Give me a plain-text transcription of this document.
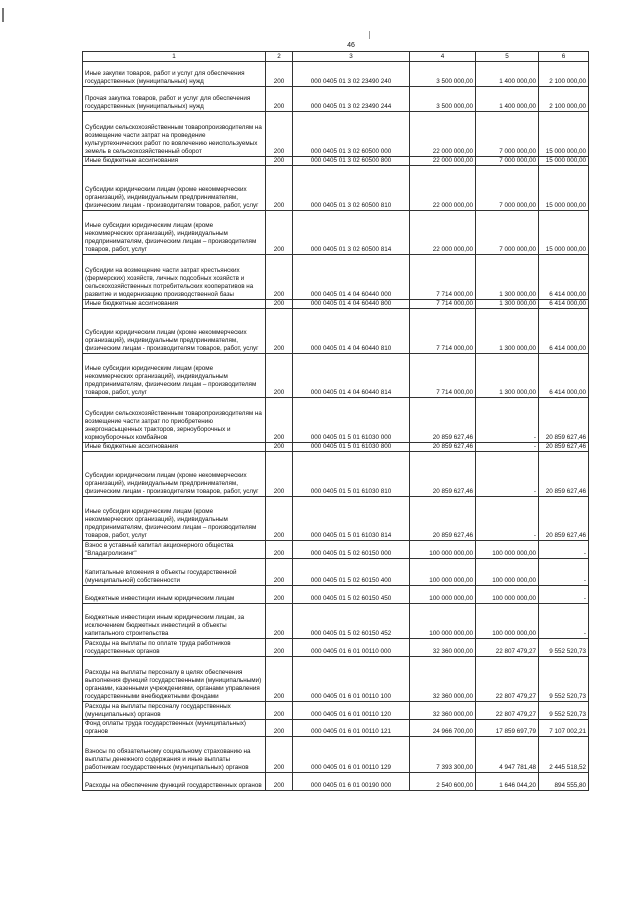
46
1	2	3	4	5	6
Иные закупки товаров, работ и услуг для обеспечения государственных (муниципальных) нужд	200	000 0405 01 3 02 23490 240	3 500 000,00	1 400 000,00	2 100 000,00
Прочая закупка товаров, работ и услуг для обеспечения государственных (муниципальных) нужд	200	000 0405 01 3 02 23490 244	3 500 000,00	1 400 000,00	2 100 000,00
Субсидии сельскохозяйственным товаропроизводителям на возмещение части затрат на проведение культуртехнических работ по вовлечению неиспользуемых земель в сельскохозяйственный оборот	200	000 0405 01 3 02 60500 000	22 000 000,00	7 000 000,00	15 000 000,00
Иные бюджетные ассигнования	200	000 0405 01 3 02 60500 800	22 000 000,00	7 000 000,00	15 000 000,00
Субсидии юридическим лицам (кроме некоммерческих организаций), индивидуальным предпринимателям, физическим лицам - производителям товаров, работ, услуг	200	000 0405 01 3 02 60500 810	22 000 000,00	7 000 000,00	15 000 000,00
Иные субсидии юридическим лицам (кроме некоммерческих организаций), индивидуальным предпринимателям, физическим лицам – производителям товаров, работ, услуг	200	000 0405 01 3 02 60500 814	22 000 000,00	7 000 000,00	15 000 000,00
Субсидии на возмещение части затрат крестьянских (фермерских) хозяйств, личных подсобных хозяйств и сельскохозяйственных потребительских кооперативов на развитие и модернизацию производственной базы	200	000 0405 01 4 04 60440 000	7 714 000,00	1 300 000,00	6 414 000,00
Иные бюджетные ассигнования	200	000 0405 01 4 04 60440 800	7 714 000,00	1 300 000,00	6 414 000,00
Субсидии юридическим лицам (кроме некоммерческих организаций), индивидуальным предпринимателям, физическим лицам - производителям товаров, работ, услуг	200	000 0405 01 4 04 60440 810	7 714 000,00	1 300 000,00	6 414 000,00
Иные субсидии юридическим лицам (кроме некоммерческих организаций), индивидуальным предпринимателям, физическим лицам – производителям товаров, работ, услуг	200	000 0405 01 4 04 60440 814	7 714 000,00	1 300 000,00	6 414 000,00
Субсидии сельскохозяйственным товаропроизводителям на возмещение части затрат по приобретению энергонасыщенных тракторов, зерноуборочных и кормоуборочных комбайнов	200	000 0405 01 5 01 61030 000	20 859 627,46	-	20 859 627,46
Иные бюджетные ассигнования	200	000 0405 01 5 01 61030 800	20 859 627,46	-	20 859 627,46
Субсидии юридическим лицам (кроме некоммерческих организаций), индивидуальным предпринимателям, физическим лицам - производителям товаров, работ, услуг	200	000 0405 01 5 01 61030 810	20 859 627,46	-	20 859 627,46
Иные субсидии юридическим лицам (кроме некоммерческих организаций), индивидуальным предпринимателям, физическим лицам – производителям товаров, работ, услуг	200	000 0405 01 5 01 61030 814	20 859 627,46	-	20 859 627,46
Взнос в уставный капитал акционерного общества "Владагролизинг"	200	000 0405 01 5 02 60150 000	100 000 000,00	100 000 000,00	-
Капитальные вложения в объекты государственной (муниципальной) собственности	200	000 0405 01 5 02 60150 400	100 000 000,00	100 000 000,00	-
Бюджетные инвестиции иным юридическим лицам	200	000 0405 01 5 02 60150 450	100 000 000,00	100 000 000,00	-
Бюджетные инвестиции иным юридическим лицам, за исключением бюджетных инвестиций в объекты капитального строительства	200	000 0405 01 5 02 60150 452	100 000 000,00	100 000 000,00	-
Расходы на выплаты по оплате труда работников государственных органов	200	000 0405 01 6 01 00110 000	32 360 000,00	22 807 479,27	9 552 520,73
Расходы на выплаты персоналу в целях обеспечения выполнения функций государственными (муниципальными) органами, казенными учреждениями, органами управления государственными внебюджетными фондами	200	000 0405 01 6 01 00110 100	32 360 000,00	22 807 479,27	9 552 520,73
Расходы на выплаты персоналу государственных (муниципальных) органов	200	000 0405 01 6 01 00110 120	32 360 000,00	22 807 479,27	9 552 520,73
Фонд оплаты труда государственных (муниципальных) органов	200	000 0405 01 6 01 00110 121	24 966 700,00	17 859 697,79	7 107 002,21
Взносы по обязательному социальному страхованию на выплаты денежного содержания и иные выплаты работникам государственных (муниципальных) органов	200	000 0405 01 6 01 00110 129	7 393 300,00	4 947 781,48	2 445 518,52
Расходы на обеспечение функций государственных органов	200	000 0405 01 6 01 00190 000	2 540 600,00	1 646 044,20	894 555,80
